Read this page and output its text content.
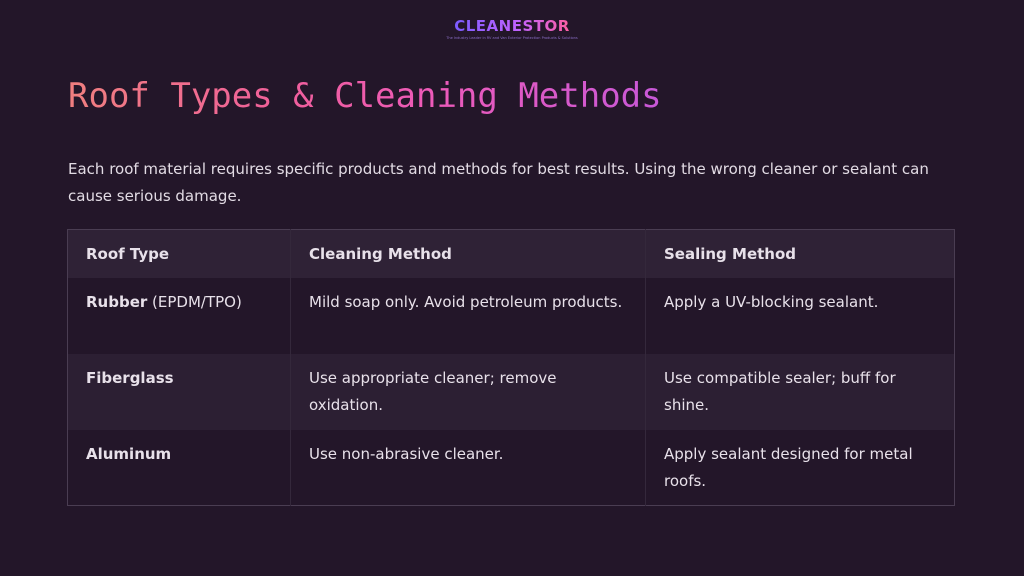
CLEANESTOR
The Industry Leader in RV and Van Exterior Protection Products & Solutions
Roof Types & Cleaning Methods

Each roof material requires specific products and methods for best results. Using the wrong cleaner or sealant can cause serious damage.

Roof Type	Cleaning Method	Sealing Method
Rubber (EPDM/TPO)	Mild soap only. Avoid petroleum products.	Apply a UV-blocking sealant.
Fiberglass	Use appropriate cleaner; remove oxidation.	Use compatible sealer; buff for shine.
Aluminum	Use non-abrasive cleaner.	Apply sealant designed for metal roofs.
